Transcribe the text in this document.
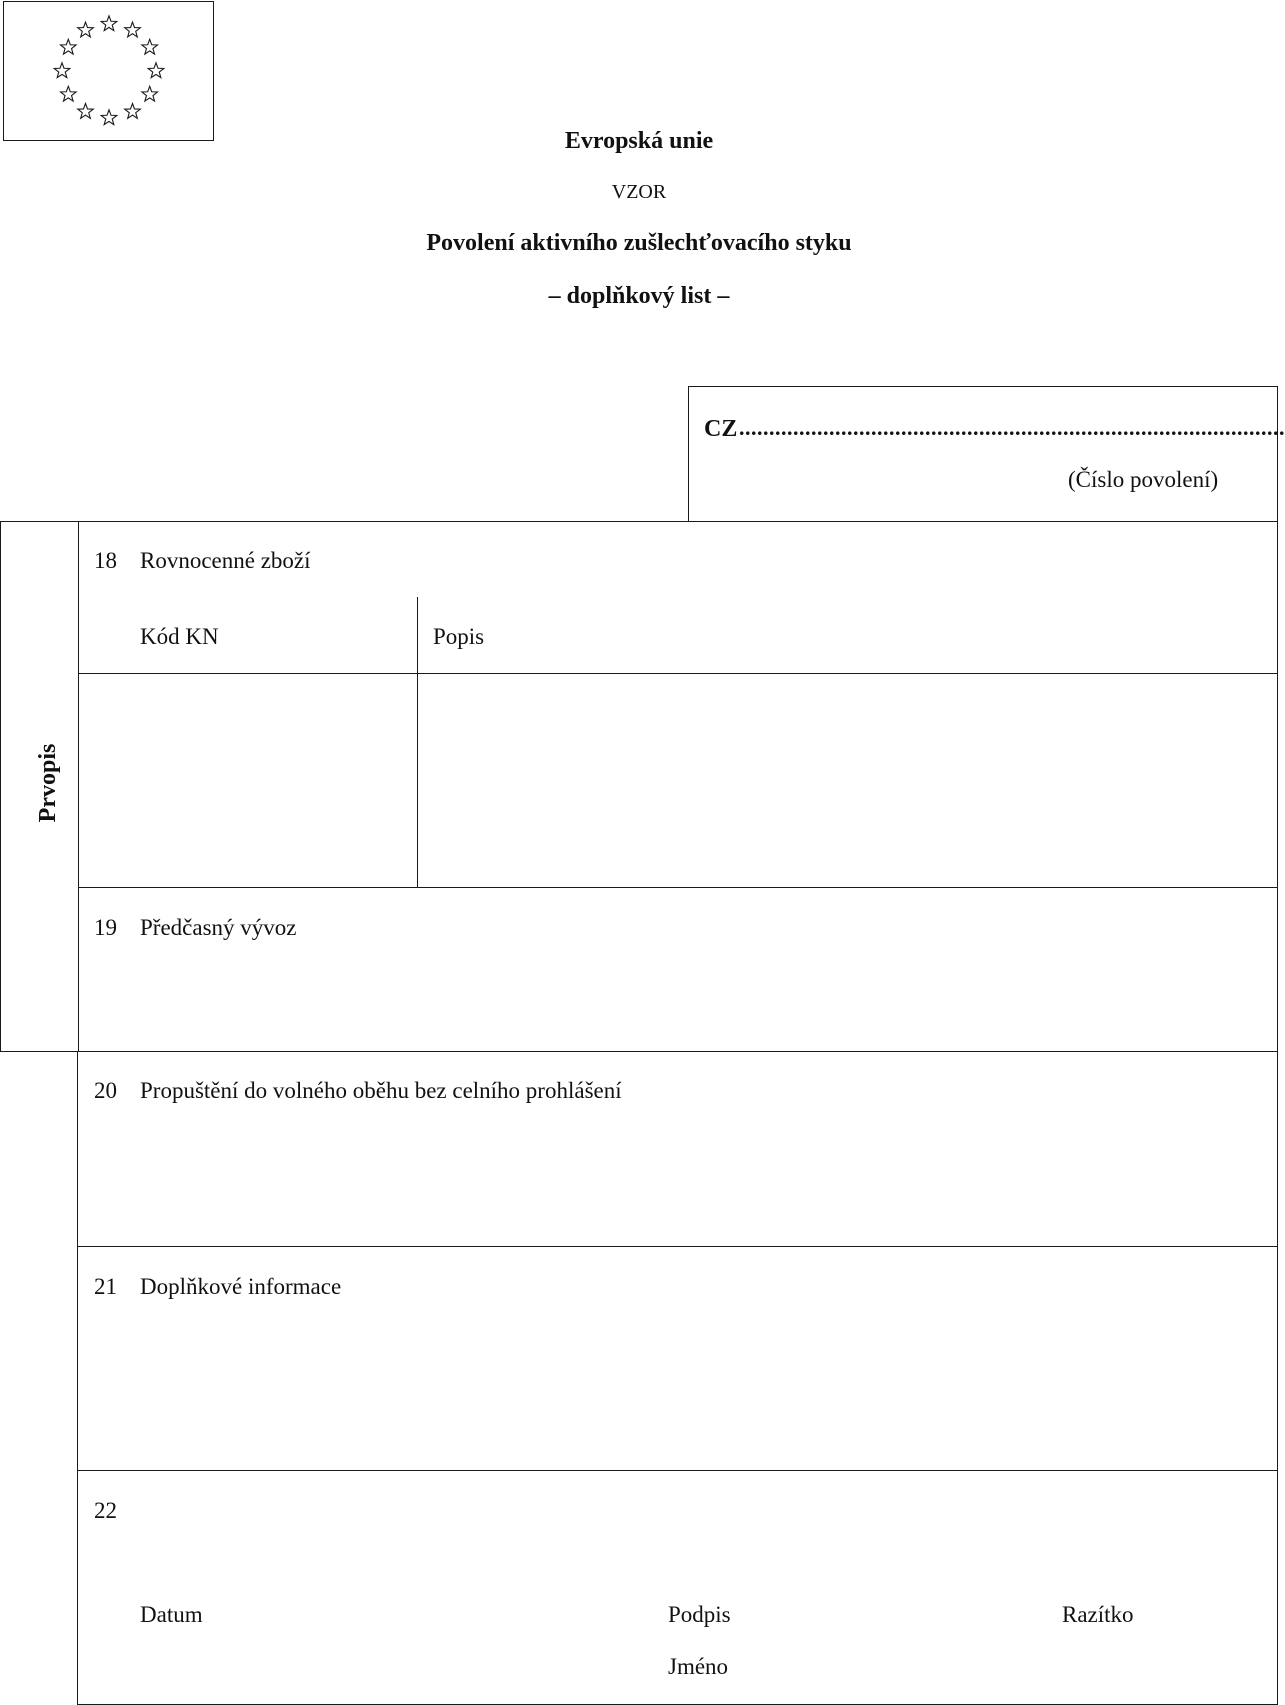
Evropská unie
VZOR
Povolení aktivního zušlechťovacího styku
– doplňkový list –
CZ ...........................................................................................
(Číslo povolení)
Prvopis
18 Rovnocenné zboží
Kód KN	Popis
19 Předčasný vývoz
20 Propuštění do volného oběhu bez celního prohlášení
21 Doplňkové informace
22
Datum	Podpis	Razítko
Jméno
